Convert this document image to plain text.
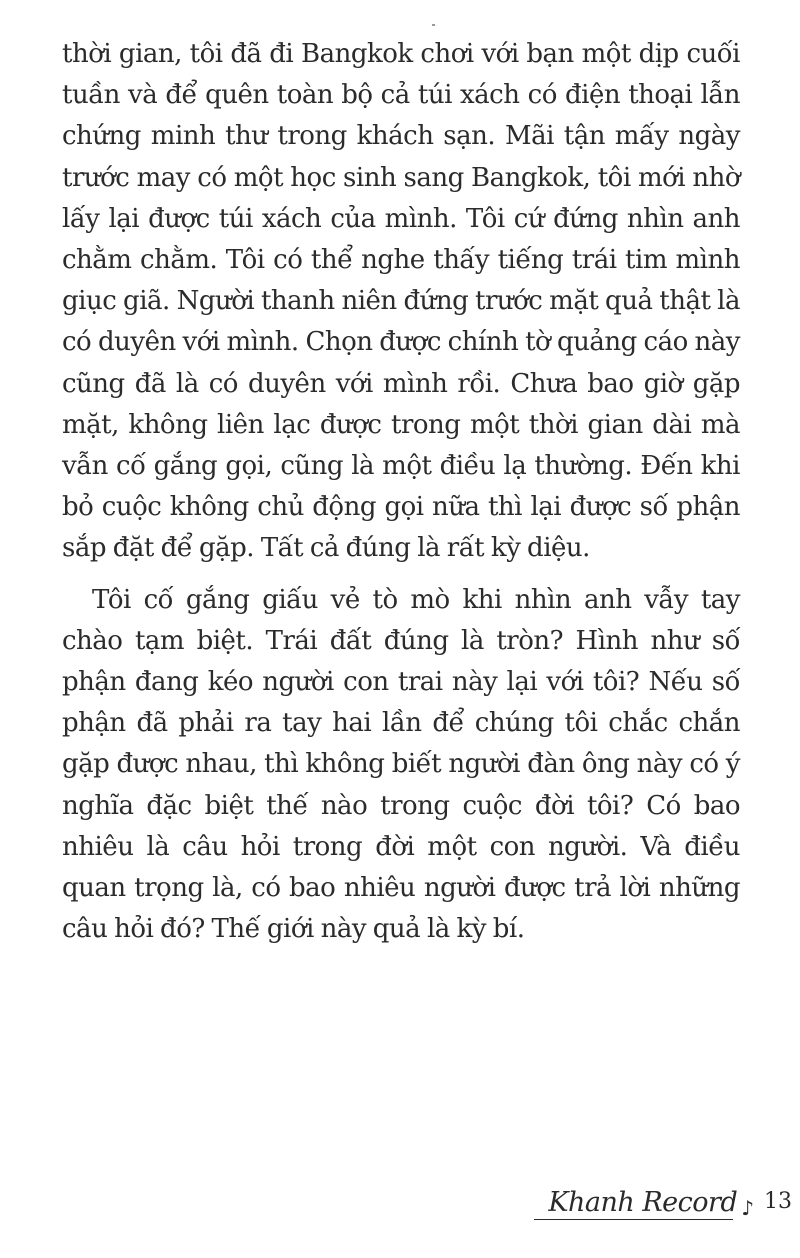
thời gian, tôi đã đi Bangkok chơi với bạn một dịp cuối tuần và để quên toàn bộ cả túi xách có điện thoại lẫn chứng minh thư trong khách sạn. Mãi tận mấy ngày trước may có một học sinh sang Bangkok, tôi mới nhờ lấy lại được túi xách của mình. Tôi cứ đứng nhìn anh chằm chằm. Tôi có thể nghe thấy tiếng trái tim mình giục giã. Người thanh niên đứng trước mặt quả thật là có duyên với mình. Chọn được chính tờ quảng cáo này cũng đã là có duyên với mình rồi. Chưa bao giờ gặp mặt, không liên lạc được trong một thời gian dài mà vẫn cố gắng gọi, cũng là một điều lạ thường. Đến khi bỏ cuộc không chủ động gọi nữa thì lại được số phận sắp đặt để gặp. Tất cả đúng là rất kỳ diệu.

Tôi cố gắng giấu vẻ tò mò khi nhìn anh vẫy tay chào tạm biệt. Trái đất đúng là tròn? Hình như số phận đang kéo người con trai này lại với tôi? Nếu số phận đã phải ra tay hai lần để chúng tôi chắc chắn gặp được nhau, thì không biết người đàn ông này có ý nghĩa đặc biệt thế nào trong cuộc đời tôi? Có bao nhiêu là câu hỏi trong đời một con người. Và điều quan trọng là, có bao nhiêu người được trả lời những câu hỏi đó? Thế giới này quả là kỳ bí.

Khanh Record ♪ 13
